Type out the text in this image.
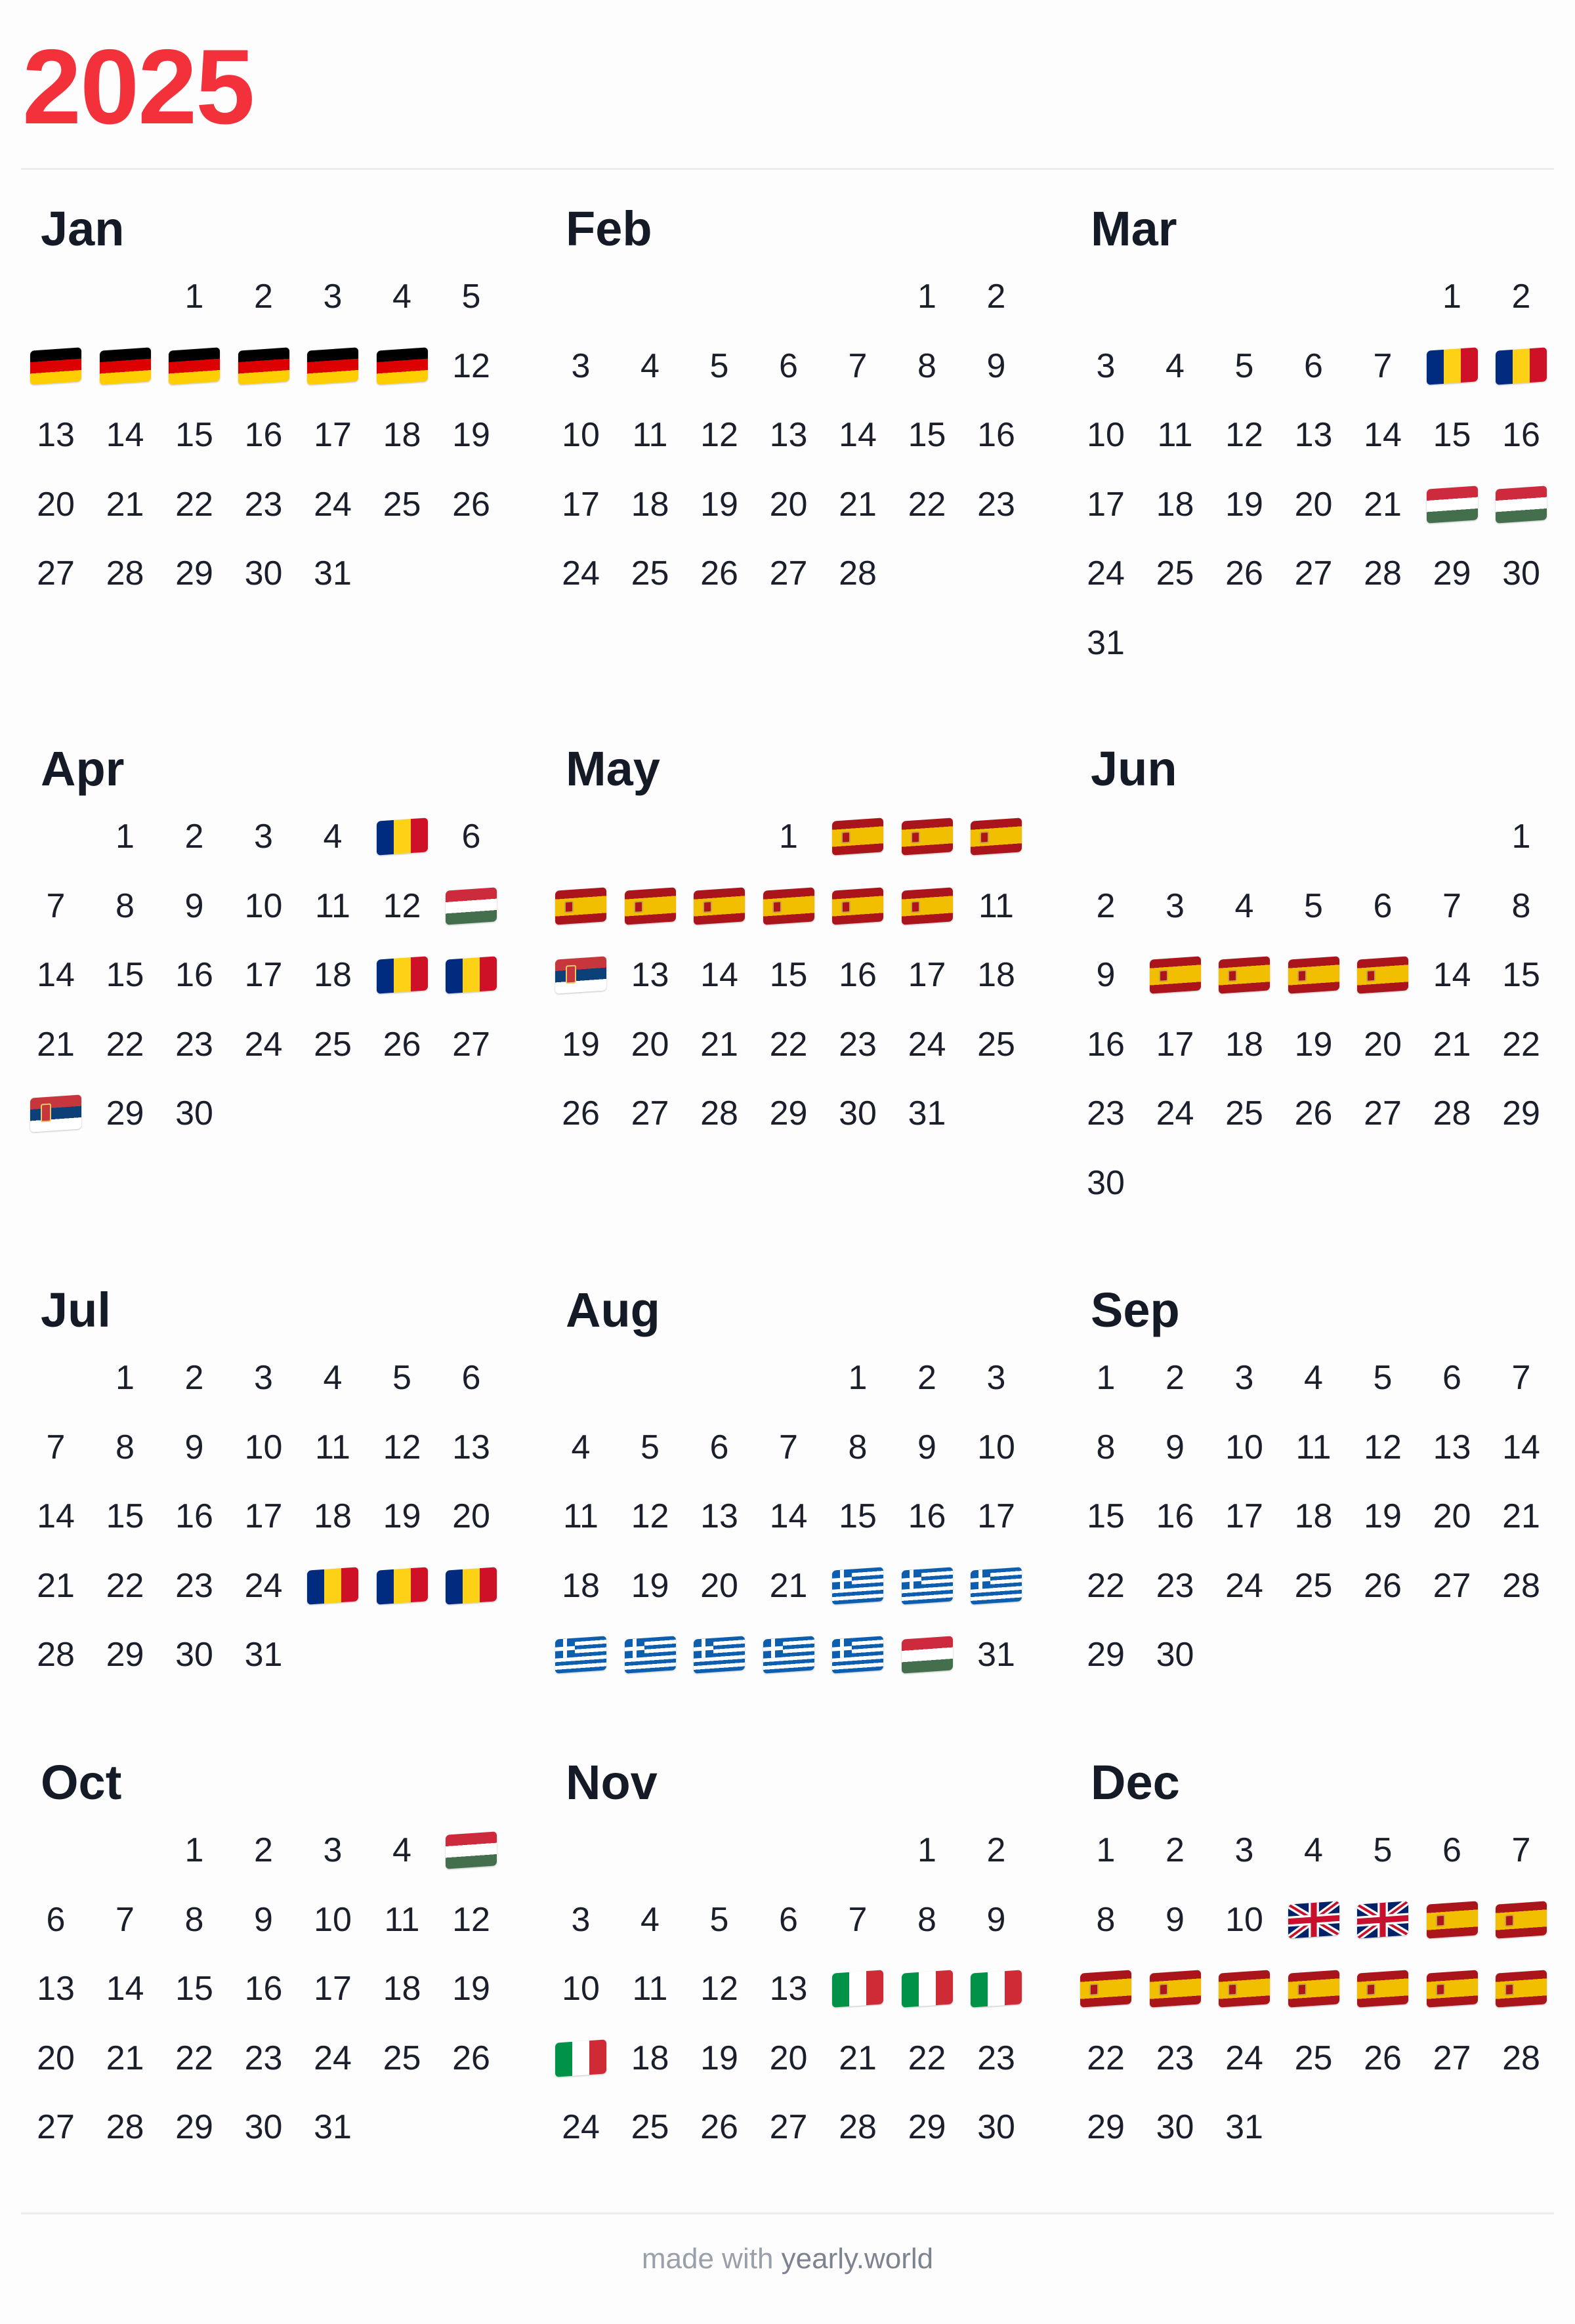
2025
Jan
1 2 3 4 5
12
13 14 15 16 17 18 19
20 21 22 23 24 25 26
27 28 29 30 31
Feb
1 2
3 4 5 6 7 8 9
10 11 12 13 14 15 16
17 18 19 20 21 22 23
24 25 26 27 28
Mar
1 2
3 4 5 6 7
10 11 12 13 14 15 16
17 18 19 20 21
24 25 26 27 28 29 30
31
Apr
1 2 3 4	6
7 8 9 10 11 12
14 15 16 17 18
21 22 23 24 25 26 27
29 30
May
1
11
13 14 15 16 17 18
19 20 21 22 23 24 25
26 27 28 29 30 31
Jun
1
2 3 4 5 6 7 8
9	14 15
16 17 18 19 20 21 22
23 24 25 26 27 28 29
30
Jul
1 2 3 4 5 6
7 8 9 10 11 12 13
14 15 16 17 18 19 20
21 22 23 24
28 29 30 31
Aug
1 2 3
4 5 6 7 8 9 10
11 12 13 14 15 16 17
18 19 20 21
31
Sep
1 2 3 4 5 6 7
8 9 10 11 12 13 14
15 16 17 18 19 20 21
22 23 24 25 26 27 28
29 30
Oct
1 2 3 4
6 7 8 9 10 11 12
13 14 15 16 17 18 19
20 21 22 23 24 25 26
27 28 29 30 31
Nov
1 2
3 4 5 6 7 8 9
10 11 12 13
18 19 20 21 22 23
24 25 26 27 28 29 30
Dec
1 2 3 4 5 6 7
8 9 10
22 23 24 25 26 27 28
29 30 31
made with yearly.world
